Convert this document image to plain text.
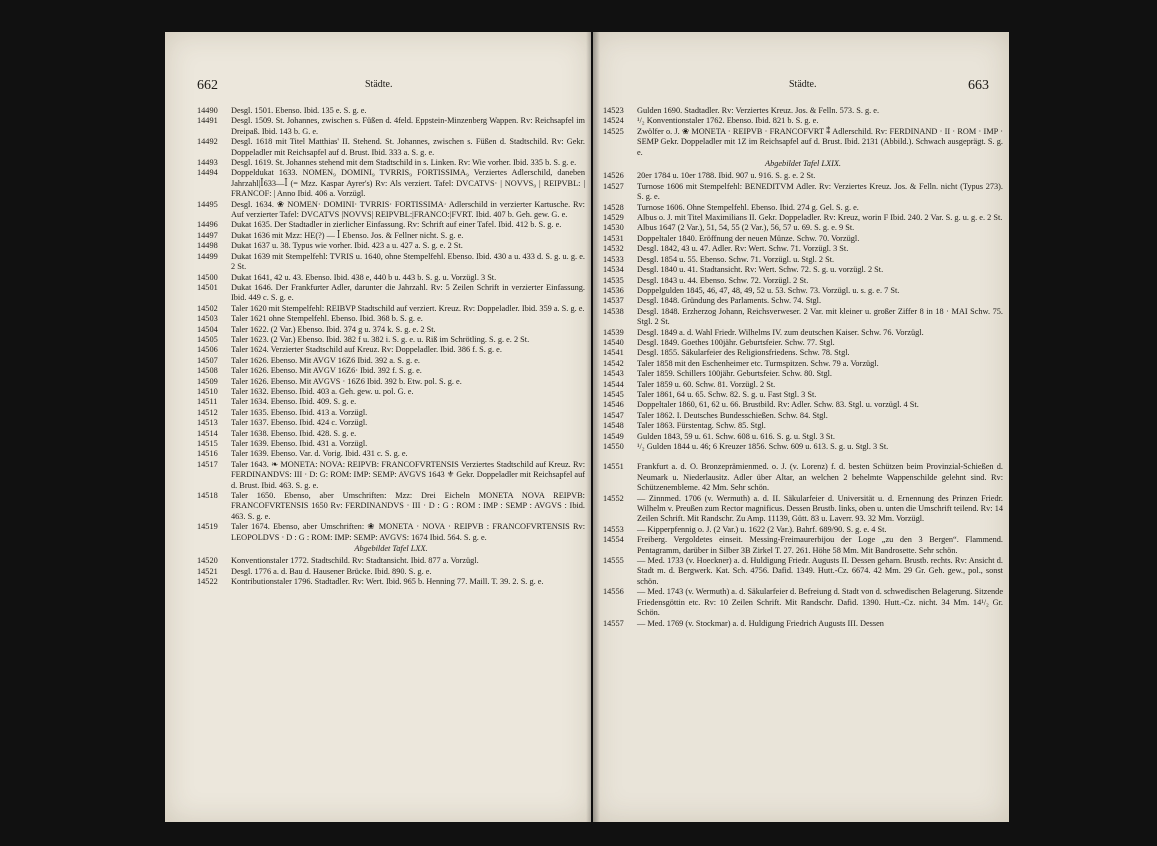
662	Städte.
14490	Desgl. 1501. Ebenso. Ibid. 135 e. S. g. e.
14491	Desgl. 1509. St. Johannes, zwischen s. Füßen d. 4feld. Eppstein-Minzenberg Wappen. Rv: Reichsapfel im Dreipaß. Ibid. 143 b. G. e.
14492	Desgl. 1618 mit Titel Matthias' II. Stehend. St. Johannes, zwischen s. Füßen d. Stadtschild. Rv: Gekr. Doppeladler mit Reichsapfel auf d. Brust. Ibid. 333 a. S. g. e.
14493	Desgl. 1619. St. Johannes stehend mit dem Stadtschild in s. Linken. Rv: Wie vorher. Ibid. 335 b. S. g. e.
14494	Doppeldukat 1633. NOMEN₉ DOMINI₉ TVRRIS₉ FORTISSIMA₉ Verziertes Adlerschild, daneben Jahrzahl|ꟾ633—ꟾ (= Mzz. Kaspar Ayrer's) Rv: Als verziert. Tafel: DVCATVS· | NOVVS₉ | REIPVBL: | FRANCOF: | Anno Ibid. 406 a. Vorzügl.
14495	Desgl. 1634. ❀ NOMEN· DOMINI· TVRRIS· FORTISSIMA· Adlerschild in verzierter Kartusche. Rv: Auf verzierter Tafel: DVCATVS |NOVVS| REIPVBL:|FRANCO:|FVRT. Ibid. 407 b. Geh. gew. G. e.
14496	Dukat 1635. Der Stadtadler in zierlicher Einfassung. Rv: Schrift auf einer Tafel. Ibid. 412 b. S. g. e.
14497	Dukat 1636 mit Mzz: HE(?) — ꟾ Ebenso. Jos. & Fellner nicht. S. g. e.
14498	Dukat 1637 u. 38. Typus wie vorher. Ibid. 423 a u. 427 a. S. g. e. 2 St.
14499	Dukat 1639 mit Stempelfehl: TVRIS u. 1640, ohne Stempelfehl. Ebenso. Ibid. 430 a u. 433 d. S. g. u. g. e. 2 St.
14500	Dukat 1641, 42 u. 43. Ebenso. Ibid. 438 e, 440 b u. 443 b. S. g. u. Vorzügl. 3 St.
14501	Dukat 1646. Der Frankfurter Adler, darunter die Jahrzahl. Rv: 5 Zeilen Schrift in verzierter Einfassung. Ibid. 449 c. S. g. e.
14502	Taler 1620 mit Stempelfehl: REIBVP Stadtschild auf verziert. Kreuz. Rv: Doppeladler. Ibid. 359 a. S. g. e.
14503	Taler 1621 ohne Stempelfehl. Ebenso. Ibid. 368 b. S. g. e.
14504	Taler 1622. (2 Var.) Ebenso. Ibid. 374 g u. 374 k. S. g. e. 2 St.
14505	Taler 1623. (2 Var.) Ebenso. Ibid. 382 f u. 382 i. S. g. e. u. Riß im Schrötling. S. g. e. 2 St.
14506	Taler 1624. Verzierter Stadtschild auf Kreuz. Rv: Doppeladler. Ibid. 386 f. S. g. e.
14507	Taler 1626. Ebenso. Mit AVGV 16Z6 Ibid. 392 a. S. g. e.
14508	Taler 1626. Ebenso. Mit AVGV 16Z6· Ibid. 392 f. S. g. e.
14509	Taler 1626. Ebenso. Mit AVGVS · 16Z6 Ibid. 392 b. Etw. pol. S. g. e.
14510	Taler 1632. Ebenso. Ibid. 403 a. Geh. gew. u. pol. G. e.
14511	Taler 1634. Ebenso. Ibid. 409. S. g. e.
14512	Taler 1635. Ebenso. Ibid. 413 a. Vorzügl.
14513	Taler 1637. Ebenso. Ibid. 424 c. Vorzügl.
14514	Taler 1638. Ebenso. Ibid. 428. S. g. e.
14515	Taler 1639. Ebenso. Ibid. 431 a. Vorzügl.
14516	Taler 1639. Ebenso. Var. d. Vorig. Ibid. 431 c. S. g. e.
14517	Taler 1643. ❧ MONETA: NOVA: REIPVB: FRANCOFVRTENSIS Verziertes Stadtschild auf Kreuz. Rv: FERDINANDVS: III · D: G: ROM: IMP: SEMP: AVGVS 1643 ⚜ Gekr. Doppeladler mit Reichsapfel auf d. Brust. Ibid. 463. S. g. e.
14518	Taler 1650. Ebenso, aber Umschriften: Mzz: Drei Eicheln MONETA NOVA REIPVB: FRANCOFVRTENSIS 1650 Rv: FERDINANDVS · III · D : G : ROM : IMP : SEMP : AVGVS : Ibid. 463. S. g. e.
14519	Taler 1674. Ebenso, aber Umschriften: ❀ MONETA · NOVA · REIPVB : FRANCOFVRTENSIS Rv: LEOPOLDVS · D : G : ROM: IMP: SEMP: AVGVS: 1674 Ibid. 564. S. g. e.
Abgebildet Tafel LXX.
14520	Konventionstaler 1772. Stadtschild. Rv: Stadtansicht. Ibid. 877 a. Vorzügl.
14521	Desgl. 1776 a. d. Bau d. Hausener Brücke. Ibid. 890. S. g. e.
14522	Kontributionstaler 1796. Stadtadler. Rv: Wert. Ibid. 965 b. Henning 77. Maill. T. 39. 2. S. g. e.
Städte.	663
14523	Gulden 1690. Stadtadler. Rv: Verziertes Kreuz. Jos. & Felln. 573. S. g. e.
14524	¹/₂ Konventionstaler 1762. Ebenso. Ibid. 821 b. S. g. e.
14525	Zwölfer o. J. ❀ MONETA · REIPVB · FRANCOFVRT ⁑ Adlerschild. Rv: FERDINAND · II · ROM · IMP · SEMP Gekr. Doppeladler mit 1Z im Reichsapfel auf d. Brust. Ibid. 2131 (Abbild.). Schwach ausgeprägt. S. g. e.
Abgebildet Tafel LXIX.
14526	20er 1784 u. 10er 1788. Ibid. 907 u. 916. S. g. e. 2 St.
14527	Turnose 1606 mit Stempelfehl: BENEDITVM Adler. Rv: Verziertes Kreuz. Jos. & Felln. nicht (Typus 273). S. g. e.
14528	Turnose 1606. Ohne Stempelfehl. Ebenso. Ibid. 274 g. Gel. S. g. e.
14529	Albus o. J. mit Titel Maximilians II. Gekr. Doppeladler. Rv: Kreuz, worin F Ibid. 240. 2 Var. S. g. u. g. e. 2 St.
14530	Albus 1647 (2 Var.), 51, 54, 55 (2 Var.), 56, 57 u. 69. S. g. e. 9 St.
14531	Doppeltaler 1840. Eröffnung der neuen Münze. Schw. 70. Vorzügl.
14532	Desgl. 1842, 43 u. 47. Adler. Rv: Wert. Schw. 71. Vorzügl. 3 St.
14533	Desgl. 1854 u. 55. Ebenso. Schw. 71. Vorzügl. u. Stgl. 2 St.
14534	Desgl. 1840 u. 41. Stadtansicht. Rv: Wert. Schw. 72. S. g. u. vorzügl. 2 St.
14535	Desgl. 1843 u. 44. Ebenso. Schw. 72. Vorzügl. 2 St.
14536	Doppelgulden 1845, 46, 47, 48, 49, 52 u. 53. Schw. 73. Vorzügl. u. s. g. e. 7 St.
14537	Desgl. 1848. Gründung des Parlaments. Schw. 74. Stgl.
14538	Desgl. 1848. Erzherzog Johann, Reichsverweser. 2 Var. mit kleiner u. großer Ziffer 8 in 18 · MAI Schw. 75. Stgl. 2 St.
14539	Desgl. 1849 a. d. Wahl Friedr. Wilhelms IV. zum deutschen Kaiser. Schw. 76. Vorzügl.
14540	Desgl. 1849. Goethes 100jähr. Geburtsfeier. Schw. 77. Stgl.
14541	Desgl. 1855. Säkularfeier des Religionsfriedens. Schw. 78. Stgl.
14542	Taler 1858 mit den Eschenheimer etc. Turmspitzen. Schw. 79 a. Vorzügl.
14543	Taler 1859. Schillers 100jähr. Geburtsfeier. Schw. 80. Stgl.
14544	Taler 1859 u. 60. Schw. 81. Vorzügl. 2 St.
14545	Taler 1861, 64 u. 65. Schw. 82. S. g. u. Fast Stgl. 3 St.
14546	Doppeltaler 1860, 61, 62 u. 66. Brustbild. Rv: Adler. Schw. 83. Stgl. u. vorzügl. 4 St.
14547	Taler 1862. I. Deutsches Bundesschießen. Schw. 84. Stgl.
14548	Taler 1863. Fürstentag. Schw. 85. Stgl.
14549	Gulden 1843, 59 u. 61. Schw. 608 u. 616. S. g. u. Stgl. 3 St.
14550	¹/₂ Gulden 1844 u. 46; 6 Kreuzer 1856. Schw. 609 u. 613. S. g. u. Stgl. 3 St.
14551	Frankfurt a. d. O. Bronzeprämienmed. o. J. (v. Lorenz) f. d. besten Schützen beim Provinzial-Schießen d. Neumark u. Niederlausitz. Adler über Altar, an welchen 2 behelmte Wappenschilde gelehnt sind. Rv: Schützenembleme. 42 Mm. Sehr schön.
14552	— Zinnmed. 1706 (v. Wermuth) a. d. II. Säkularfeier d. Universität u. d. Ernennung des Prinzen Friedr. Wilhelm v. Preußen zum Rector magnificus. Dessen Brustb. links, oben u. unten die Umschrift teilend. Rv: 14 Zeilen Schrift. Mit Randschr. Zu Amp. 11139, Gütt. 83 u. Laverr. 93. 32 Mm. Vorzügl.
14553	— Kipperpfennig o. J. (2 Var.) u. 1622 (2 Var.). Bahrf. 689/90. S. g. e. 4 St.
14554	Freiberg. Vergoldetes einseit. Messing-Freimaurerbijou der Loge „zu den 3 Bergen“. Flammend. Pentagramm, darüber in Silber 3B Zirkel T. 27. 261. Höhe 58 Mm. Mit Bandrosette. Sehr schön.
14555	— Med. 1733 (v. Hoeckner) a. d. Huldigung Friedr. Augusts II. Dessen geharn. Brustb. rechts. Rv: Ansicht d. Stadt m. d. Bergwerk. Kat. Sch. 4756. Dafid. 1349. Hutt.-Cz. 6674. 42 Mm. 29 Gr. Geh. gew., pol., sonst schön.
14556	— Med. 1743 (v. Wermuth) a. d. Säkularfeier d. Befreiung d. Stadt von d. schwedischen Belagerung. Sitzende Friedensgöttin etc. Rv: 10 Zeilen Schrift. Mit Randschr. Dafid. 1390. Hutt.-Cz. nicht. 34 Mm. 14¹/₂ Gr. Schön.
14557	— Med. 1769 (v. Stockmar) a. d. Huldigung Friedrich Augusts III. Dessen
